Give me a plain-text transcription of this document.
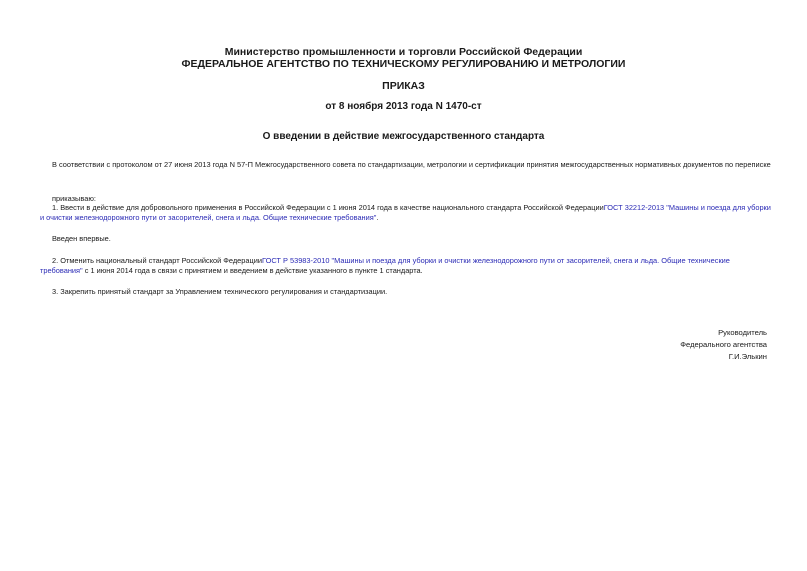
Министерство промышленности и торговли Российской Федерации
ФЕДЕРАЛЬНОЕ АГЕНТСТВО ПО ТЕХНИЧЕСКОМУ РЕГУЛИРОВАНИЮ И МЕТРОЛОГИИ
ПРИКАЗ
от 8 ноября 2013 года N 1470-ст
О введении в действие межгосударственного стандарта
В соответствии с протоколом от 27 июня 2013 года N 57-П Межгосударственного совета по стандартизации, метрологии и сертификации принятия межгосударственных нормативных документов по переписке
приказываю:
1. Ввести в действие для добровольного применения в Российской Федерации с 1 июня 2014 года в качестве национального стандарта Российской ФедерацииГОСТ 32212-2013 "Машины и поезда для уборки и очистки железнодорожного пути от засорителей, снега и льда. Общие технические требования".
Введен впервые.
2. Отменить национальный стандарт Российской ФедерацииГОСТ Р 53983-2010 "Машины и поезда для уборки и очистки железнодорожного пути от засорителей, снега и льда. Общие технические требования" с 1 июня 2014 года в связи с принятием и введением в действие указанного в пункте 1 стандарта.
3. Закрепить принятый стандарт за Управлением технического регулирования и стандартизации.
Руководитель
Федерального агентства
Г.И.Элькин
